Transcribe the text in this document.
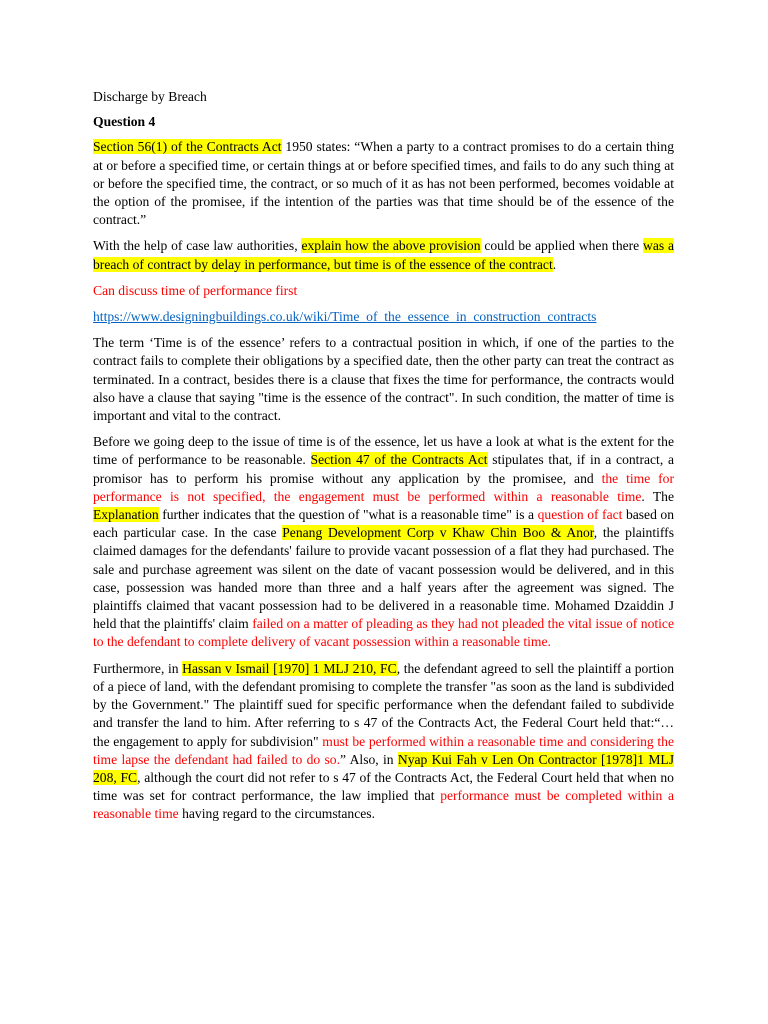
Discharge by Breach

Question 4

Section 56(1) of the Contracts Act 1950 states: “When a party to a contract promises to do a certain thing at or before a specified time, or certain things at or before specified times, and fails to do any such thing at or before the specified time, the contract, or so much of it as has not been performed, becomes voidable at the option of the promisee, if the intention of the parties was that time should be of the essence of the contract.”

With the help of case law authorities, explain how the above provision could be applied when there was a breach of contract by delay in performance, but time is of the essence of the contract.

Can discuss time of performance first

https://www.designingbuildings.co.uk/wiki/Time_of_the_essence_in_construction_contracts

The term ‘Time is of the essence’ refers to a contractual position in which, if one of the parties to the contract fails to complete their obligations by a specified date, then the other party can treat the contract as terminated. In a contract, besides there is a clause that fixes the time for performance, the contracts would also have a clause that saying "time is the essence of the contract". In such condition, the matter of time is important and vital to the contract.

Before we going deep to the issue of time is of the essence, let us have a look at what is the extent for the time of performance to be reasonable. Section 47 of the Contracts Act stipulates that, if in a contract, a promisor has to perform his promise without any application by the promisee, and the time for performance is not specified, the engagement must be performed within a reasonable time. The Explanation further indicates that the question of "what is a reasonable time" is a question of fact based on each particular case. In the case Penang Development Corp v Khaw Chin Boo & Anor, the plaintiffs claimed damages for the defendants' failure to provide vacant possession of a flat they had purchased. The sale and purchase agreement was silent on the date of vacant possession would be delivered, and in this case, possession was handed more than three and a half years after the agreement was signed. The plaintiffs claimed that vacant possession had to be delivered in a reasonable time. Mohamed Dzaiddin J held that the plaintiffs' claim failed on a matter of pleading as they had not pleaded the vital issue of notice to the defendant to complete delivery of vacant possession within a reasonable time.

Furthermore, in Hassan v Ismail [1970] 1 MLJ 210, FC, the defendant agreed to sell the plaintiff a portion of a piece of land, with the defendant promising to complete the transfer "as soon as the land is subdivided by the Government." The plaintiff sued for specific performance when the defendant failed to subdivide and transfer the land to him. After referring to s 47 of the Contracts Act, the Federal Court held that:“… the engagement to apply for subdivision" must be performed within a reasonable time and considering the time lapse the defendant had failed to do so.” Also, in Nyap Kui Fah v Len On Contractor [1978]1 MLJ 208, FC, although the court did not refer to s 47 of the Contracts Act, the Federal Court held that when no time was set for contract performance, the law implied that performance must be completed within a reasonable time having regard to the circumstances.
